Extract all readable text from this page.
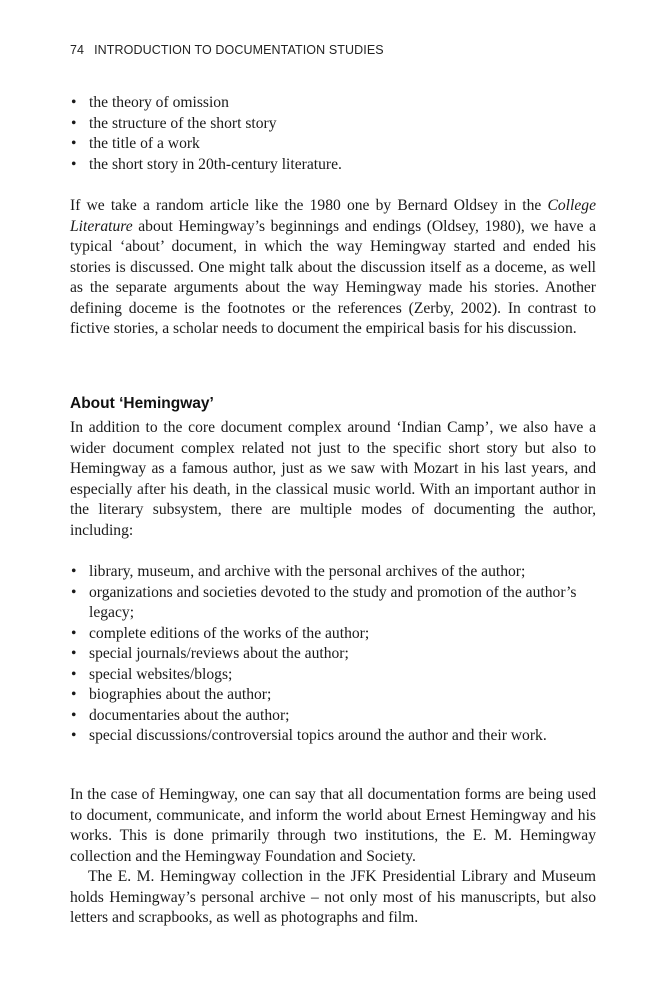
74 INTRODUCTION TO DOCUMENTATION STUDIES
• the theory of omission
• the structure of the short story
• the title of a work
• the short story in 20th-century literature.

If we take a random article like the 1980 one by Bernard Oldsey in the College Literature about Hemingway’s beginnings and endings (Oldsey, 1980), we have a typical ‘about’ document, in which the way Hemingway started and ended his stories is discussed. One might talk about the discussion itself as a doceme, as well as the separate arguments about the way Hemingway made his stories. Another defining doceme is the footnotes or the references (Zerby, 2002). In contrast to fictive stories, a scholar needs to document the empirical basis for his discussion.

About ‘Hemingway’

In addition to the core document complex around ‘Indian Camp’, we also have a wider document complex related not just to the specific short story but also to Hemingway as a famous author, just as we saw with Mozart in his last years, and especially after his death, in the classical music world. With an important author in the literary subsystem, there are multiple modes of documenting the author, including:

• library, museum, and archive with the personal archives of the author;
• organizations and societies devoted to the study and promotion of the author’s legacy;
• complete editions of the works of the author;
• special journals/reviews about the author;
• special websites/blogs;
• biographies about the author;
• documentaries about the author;
• special discussions/controversial topics around the author and their work.

In the case of Hemingway, one can say that all documentation forms are being used to document, communicate, and inform the world about Ernest Hemingway and his works. This is done primarily through two institutions, the E. M. Hemingway collection and the Hemingway Foundation and Society.

The E. M. Hemingway collection in the JFK Presidential Library and Museum holds Hemingway’s personal archive – not only most of his manuscripts, but also letters and scrapbooks, as well as photographs and film.
